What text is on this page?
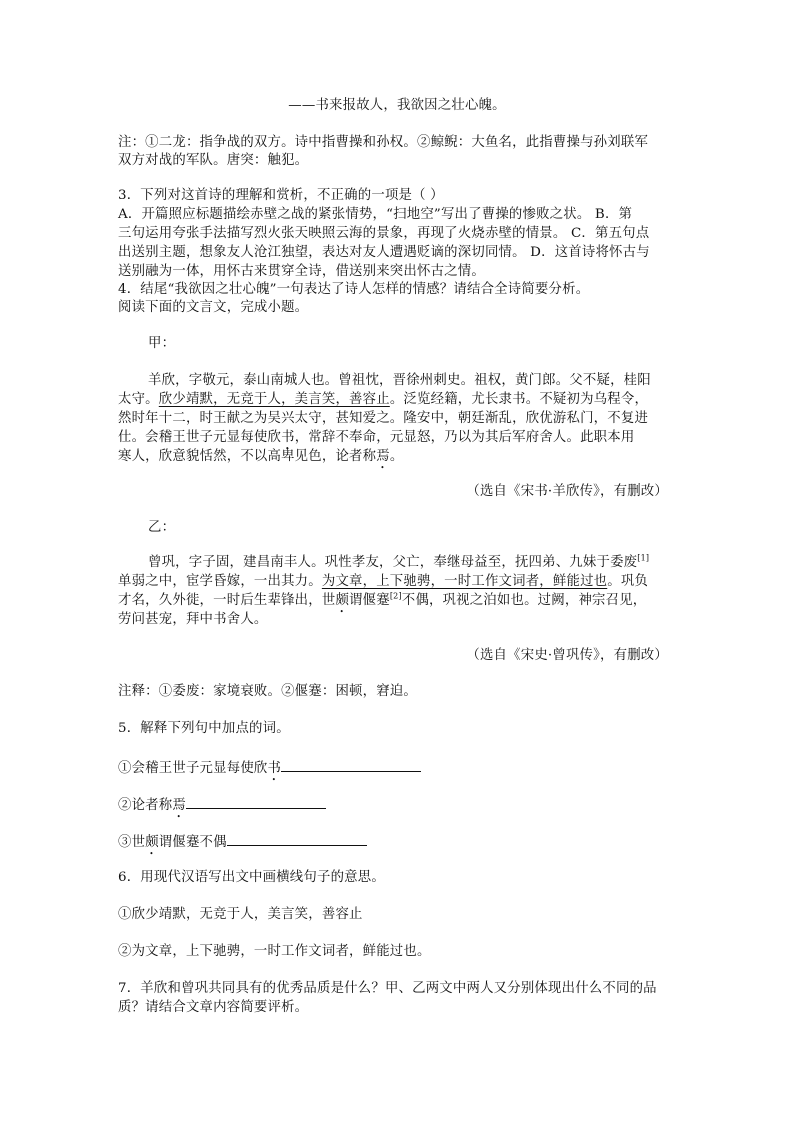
——书来报故人，我欲因之壮心魄。
注：①二龙：指争战的双方。诗中指曹操和孙权。②鲸鲵：大鱼名，此指曹操与孙刘联军
双方对战的军队。唐突：触犯。
3．下列对这首诗的理解和赏析，不正确的一项是（ ）
A．开篇照应标题描绘赤壁之战的紧张情势，“扫地空”写出了曹操的惨败之状。 B．第
三句运用夸张手法描写烈火张天映照云海的景象，再现了火烧赤壁的情景。 C．第五句点
出送别主题，想象友人沧江独望，表达对友人遭遇贬谪的深切同情。 D．这首诗将怀古与
送别融为一体，用怀古来贯穿全诗，借送别来突出怀古之情。
4．结尾“我欲因之壮心魄”一句表达了诗人怎样的情感？请结合全诗简要分析。
阅读下面的文言文，完成小题。
甲：
羊欣，字敬元，泰山南城人也。曾祖忱，晋徐州刺史。祖权，黄门郎。父不疑，桂阳
太守。欣少靖默，无竞于人，美言笑，善容止。泛览经籍，尤长隶书。不疑初为乌程令，
然时年十二，时王献之为吴兴太守，甚知爱之。隆安中，朝廷渐乱，欣优游私门，不复进
仕。会稽王世子元显每使欣书，常辞不奉命，元显怒，乃以为其后军府舍人。此职本用
寒人，欣意貌恬然，不以高卑见色，论者称焉。
（选自《宋书·羊欣传》，有删改）
乙：
曾巩，字子固，建昌南丰人。巩性孝友，父亡，奉继母益至，抚四弟、九妹于委废[1]
单弱之中，宦学昏嫁，一出其力。为文章，上下驰骋，一时工作文词者，鲜能过也。巩负
才名，久外徙，一时后生辈锋出，世颇谓偃蹇[2]不偶，巩视之泊如也。过阙，神宗召见，
劳问甚宠，拜中书舍人。
（选自《宋史·曾巩传》，有删改）
注释：①委废：家境衰败。②偃蹇：困顿，窘迫。
5．解释下列句中加点的词。
①会稽王世子元显每使欣书
②论者称焉
③世颇谓偃蹇不偶
6．用现代汉语写出文中画横线句子的意思。
①欣少靖默，无竞于人，美言笑，善容止
②为文章，上下驰骋，一时工作文词者，鲜能过也。
7．羊欣和曾巩共同具有的优秀品质是什么？甲、乙两文中两人又分别体现出什么不同的品
质？请结合文章内容简要评析。
